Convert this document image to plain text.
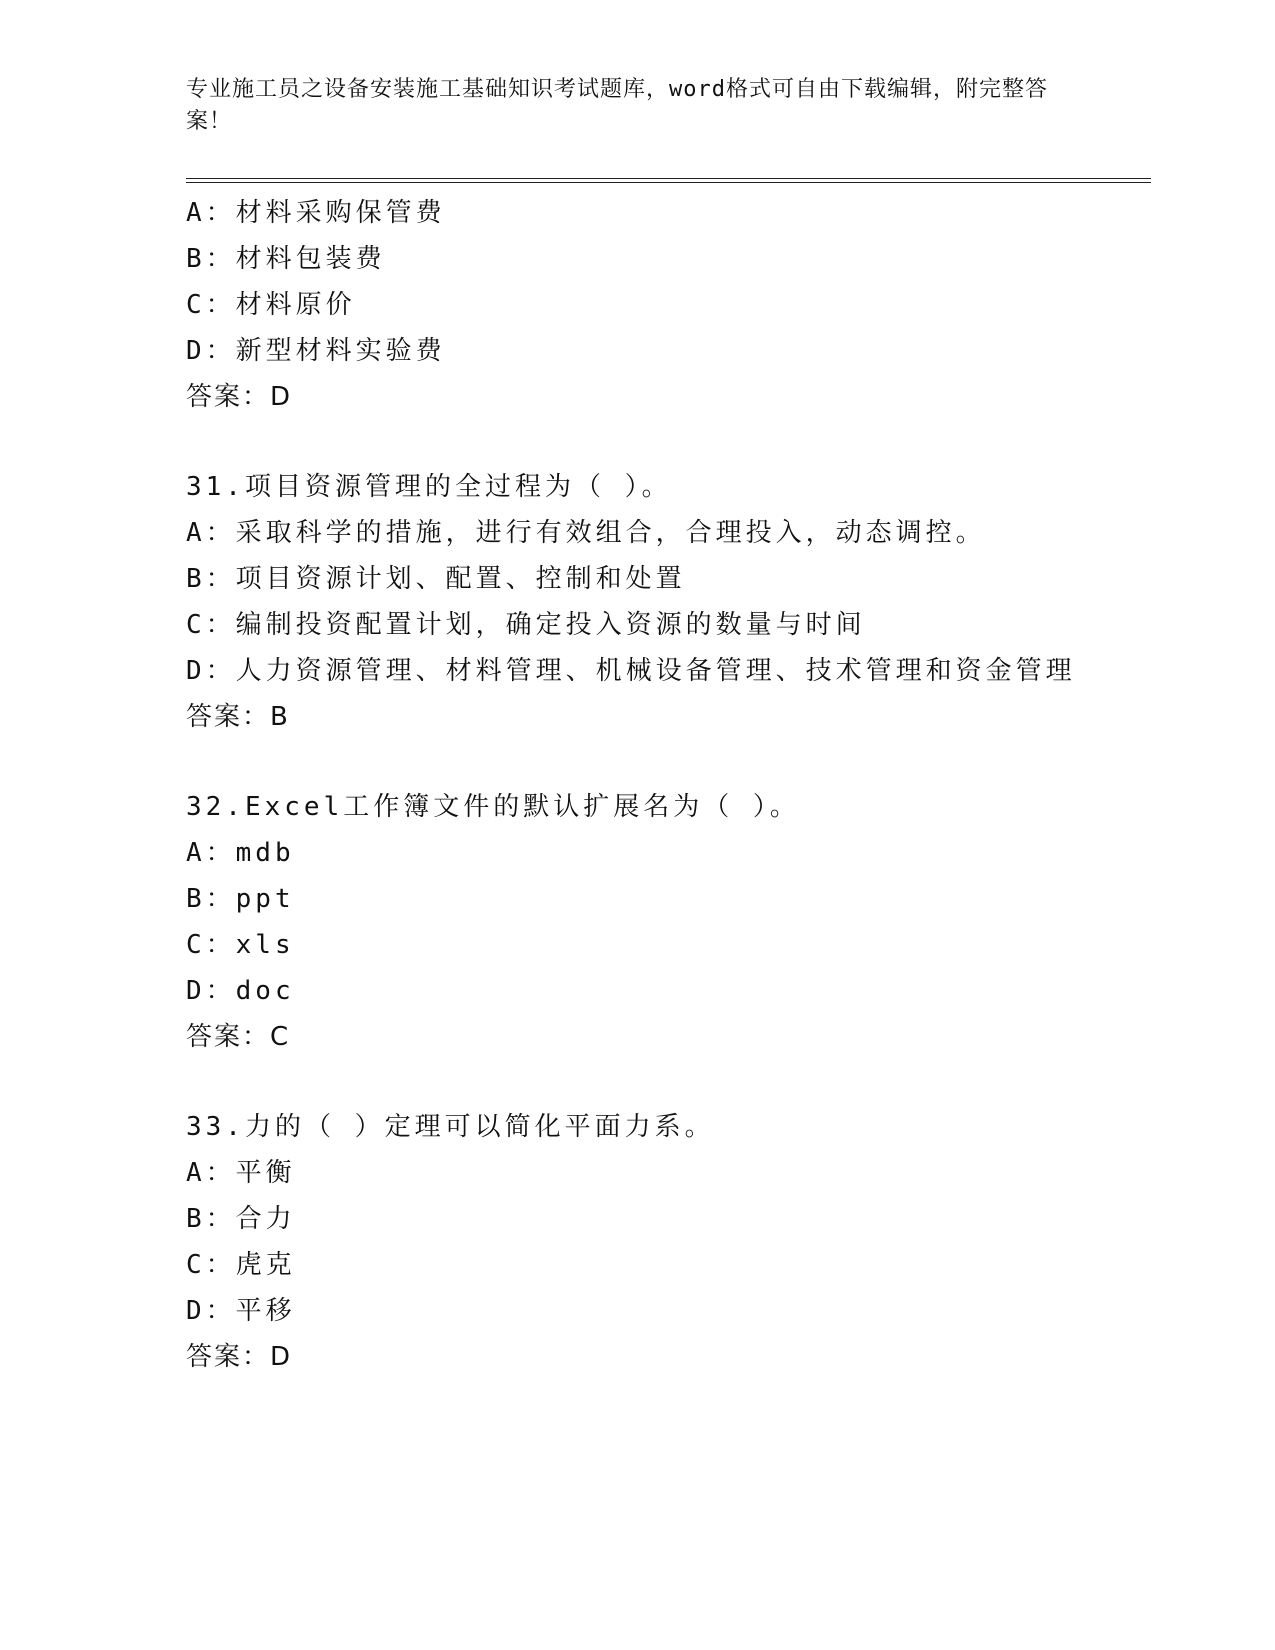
专业施工员之设备安装施工基础知识考试题库，word格式可自由下载编辑，附完整答案！
A：材料采购保管费
B：材料包装费
C：材料原价
D：新型材料实验费
答案：D
31.项目资源管理的全过程为（ ）。
A：采取科学的措施，进行有效组合，合理投入，动态调控。
B：项目资源计划、配置、控制和处置
C：编制投资配置计划，确定投入资源的数量与时间
D：人力资源管理、材料管理、机械设备管理、技术管理和资金管理
答案：B
32.Excel工作簿文件的默认扩展名为（ ）。
A：mdb
B：ppt
C：xls
D：doc
答案：C
33.力的（ ）定理可以简化平面力系。
A：平衡
B：合力
C：虎克
D：平移
答案：D
